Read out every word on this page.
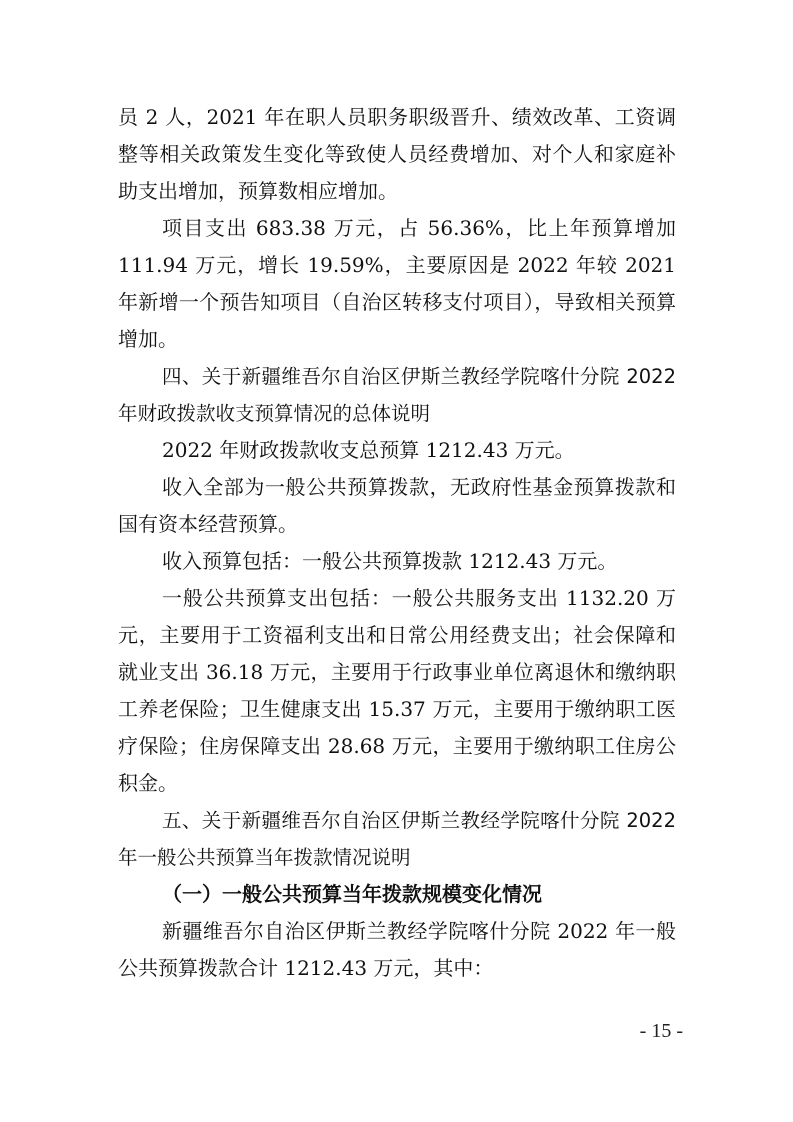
员 2 人，2021 年在职人员职务职级晋升、绩效改革、工资调整等相关政策发生变化等致使人员经费增加、对个人和家庭补助支出增加，预算数相应增加。

项目支出 683.38 万元，占 56.36%，比上年预算增加 111.94 万元，增长 19.59%，主要原因是 2022 年较 2021 年新增一个预告知项目（自治区转移支付项目），导致相关预算增加。

四、关于新疆维吾尔自治区伊斯兰教经学院喀什分院 2022 年财政拨款收支预算情况的总体说明

2022 年财政拨款收支总预算 1212.43 万元。

收入全部为一般公共预算拨款，无政府性基金预算拨款和国有资本经营预算。

收入预算包括：一般公共预算拨款 1212.43 万元。

一般公共预算支出包括：一般公共服务支出 1132.20 万元，主要用于工资福利支出和日常公用经费支出；社会保障和就业支出 36.18 万元，主要用于行政事业单位离退休和缴纳职工养老保险；卫生健康支出 15.37 万元，主要用于缴纳职工医疗保险；住房保障支出 28.68 万元，主要用于缴纳职工住房公积金。

五、关于新疆维吾尔自治区伊斯兰教经学院喀什分院 2022 年一般公共预算当年拨款情况说明

（一）一般公共预算当年拨款规模变化情况

新疆维吾尔自治区伊斯兰教经学院喀什分院 2022 年一般公共预算拨款合计 1212.43 万元，其中：

- 15 -
